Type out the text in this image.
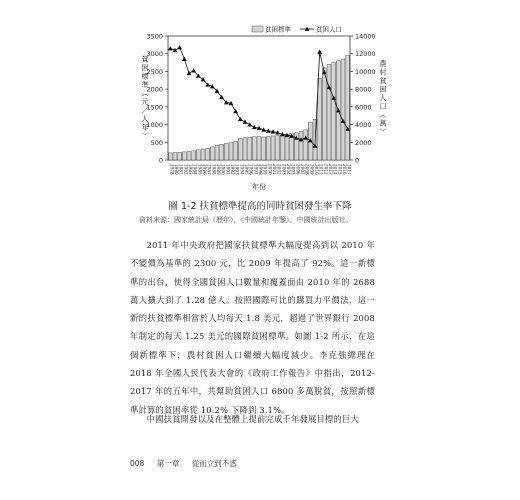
0
500
1000
1500
2000
2500
3000
3500
0
2000
4000
6000
8000
10000
12000
14000
1978 1980 1981 1982 1983 1984 1985 1986 1987 1988 1989 1990 1991 1992 1993 1994 1995 1996 1997 1998 1999 2000 2001 2002 2003 2004 2005 2006 2007 2008 2009 2010 2011 2012 2013 2014 2015 2016 2017
年份
貧困標準（元／人年）	農村貧困人口（萬）
貧困標準	貧困人口
圖 1-2 扶貧標準提高的同時貧困發生率下降
資料來源：國家統計局（歷年），《中國統計年鑒》。中國統計出版社。

2011 年中央政府把國家扶貧標準大幅度提高到以 2010 年不變價為基準的 2300 元，比 2009 年提高了 92%。這一新標準的出台，使得全國貧困人口數量和覆蓋面由 2010 年的 2688 萬人擴大到了 1.28 億人。按照國際可比的購買力平價法，這一新的扶貧標準相當於人均每天 1.8 美元，超過了世界銀行 2008 年制定的每天 1.25 美元的國際貧困標準。如圖 1-2 所示，在這個新標準下，農村貧困人口繼續大幅度減少。李克強總理在 2018 年全國人民代表大會的《政府工作報告》中指出，2012-2017 年的五年中，共幫助貧困人口 6800 多萬脫貧，按照新標準計算的貧困率從 10.2% 下降到 3.1%。

中國扶貧開發以及在整體上提前完成千年發展目標的巨大

008 第一章 從而立到不惑
